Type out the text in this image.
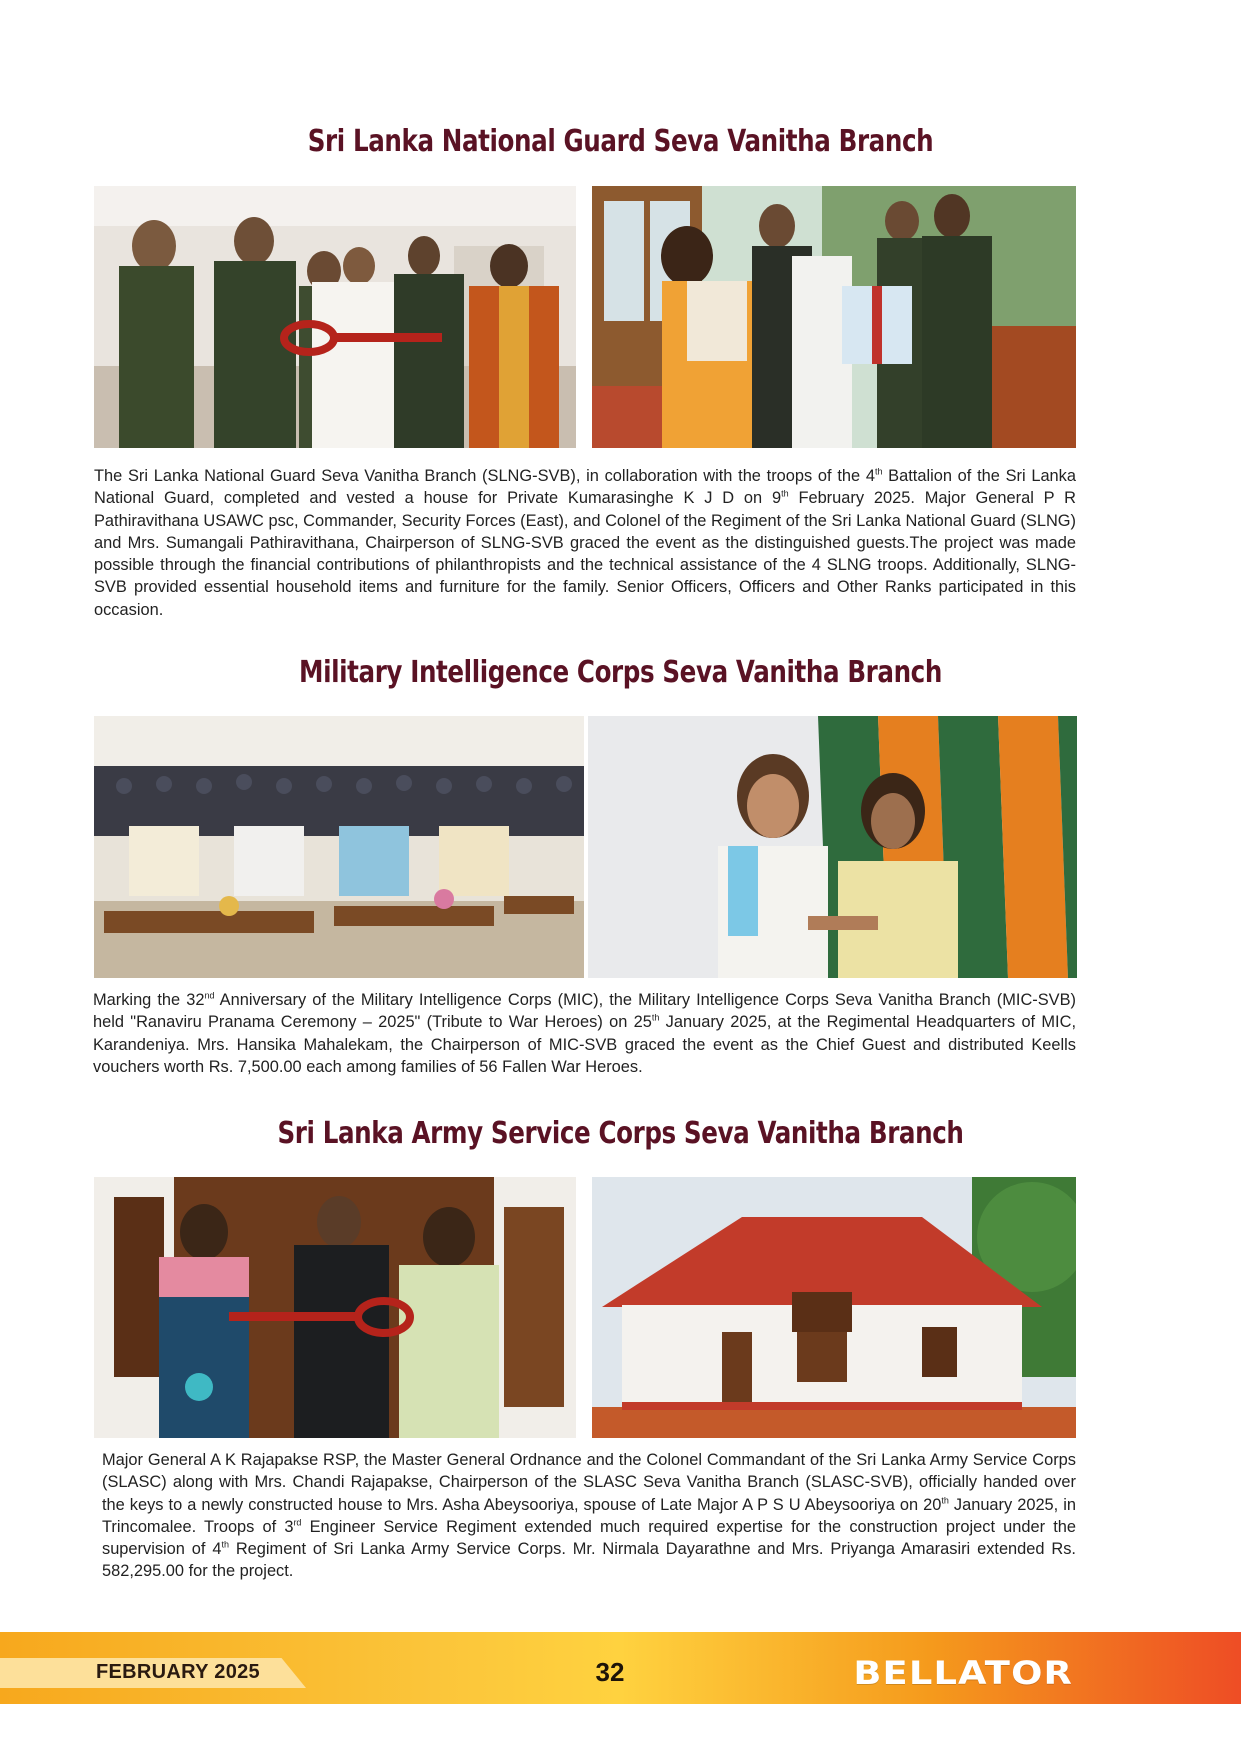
Sri Lanka National Guard Seva Vanitha Branch

The Sri Lanka National Guard Seva Vanitha Branch (SLNG-SVB), in collaboration with the troops of the 4th Battalion of the Sri Lanka National Guard, completed and vested a house for Private Kumarasinghe K J D on 9th February 2025. Major General P R Pathiravithana USAWC psc, Commander, Security Forces (East), and Colonel of the Regiment of the Sri Lanka National Guard (SLNG) and Mrs. Sumangali Pathiravithana, Chairperson of SLNG-SVB graced the event as the distinguished guests.The project was made possible through the financial contributions of philanthropists and the technical assistance of the 4 SLNG troops. Additionally, SLNG-SVB provided essential household items and furniture for the family. Senior Officers, Officers and Other Ranks participated in this occasion.

Military Intelligence Corps Seva Vanitha Branch

Marking the 32nd Anniversary of the Military Intelligence Corps (MIC), the Military Intelligence Corps Seva Vanitha Branch (MIC-SVB) held "Ranaviru Pranama Ceremony – 2025" (Tribute to War Heroes) on 25th January 2025, at the Regimental Headquarters of MIC, Karandeniya. Mrs. Hansika Mahalekam, the Chairperson of MIC-SVB graced the event as the Chief Guest and distributed Keells vouchers worth Rs. 7,500.00 each among families of 56 Fallen War Heroes.

Sri Lanka Army Service Corps Seva Vanitha Branch

Major General A K Rajapakse RSP, the Master General Ordnance and the Colonel Commandant of the Sri Lanka Army Service Corps (SLASC) along with Mrs. Chandi Rajapakse, Chairperson of the SLASC Seva Vanitha Branch (SLASC-SVB), officially handed over the keys to a newly constructed house to Mrs. Asha Abeysooriya, spouse of Late Major A P S U Abeysooriya on 20th January 2025, in Trincomalee. Troops of 3rd Engineer Service Regiment extended much required expertise for the construction project under the supervision of 4th Regiment of Sri Lanka Army Service Corps. Mr. Nirmala Dayarathne and Mrs. Priyanga Amarasiri extended Rs. 582,295.00 for the project.

FEBRUARY 2025	32	BELLATOR
